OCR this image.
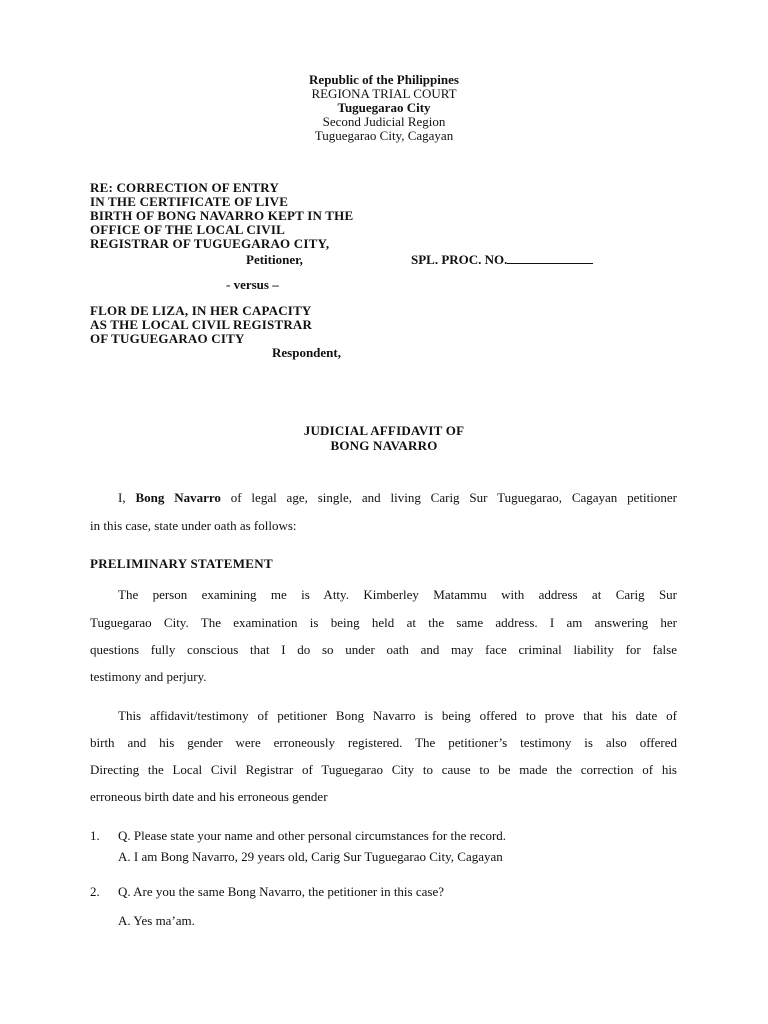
Republic of the Philippines
REGIONA TRIAL COURT
Tuguegarao City
Second Judicial Region
Tuguegarao City, Cagayan
RE: CORRECTION OF ENTRY
IN THE CERTIFICATE OF LIVE
BIRTH OF BONG NAVARRO KEPT IN THE
OFFICE OF THE LOCAL CIVIL
REGISTRAR OF TUGUEGARAO CITY,
Petitioner,	SPL. PROC. NO.
- versus –
FLOR DE LIZA, IN HER CAPACITY
AS THE LOCAL CIVIL REGISTRAR
OF TUGUEGARAO CITY
Respondent,
JUDICIAL AFFIDAVIT OF
BONG NAVARRO
I, Bong Navarro of legal age, single, and living Carig Sur Tuguegarao, Cagayan petitioner
in this case, state under oath as follows:
PRELIMINARY STATEMENT
The person examining me is Atty. Kimberley Matammu with address at Carig Sur
Tuguegarao City. The examination is being held at the same address. I am answering her
questions fully conscious that I do so under oath and may face criminal liability for false
testimony and perjury.
This affidavit/testimony of petitioner Bong Navarro is being offered to prove that his date of
birth and his gender were erroneously registered. The petitioner’s testimony is also offered
Directing the Local Civil Registrar of Tuguegarao City to cause to be made the correction of his
erroneous birth date and his erroneous gender
1. Q. Please state your name and other personal circumstances for the record.
A. I am Bong Navarro, 29 years old, Carig Sur Tuguegarao City, Cagayan
2. Q. Are you the same Bong Navarro, the petitioner in this case?
A. Yes ma’am.
